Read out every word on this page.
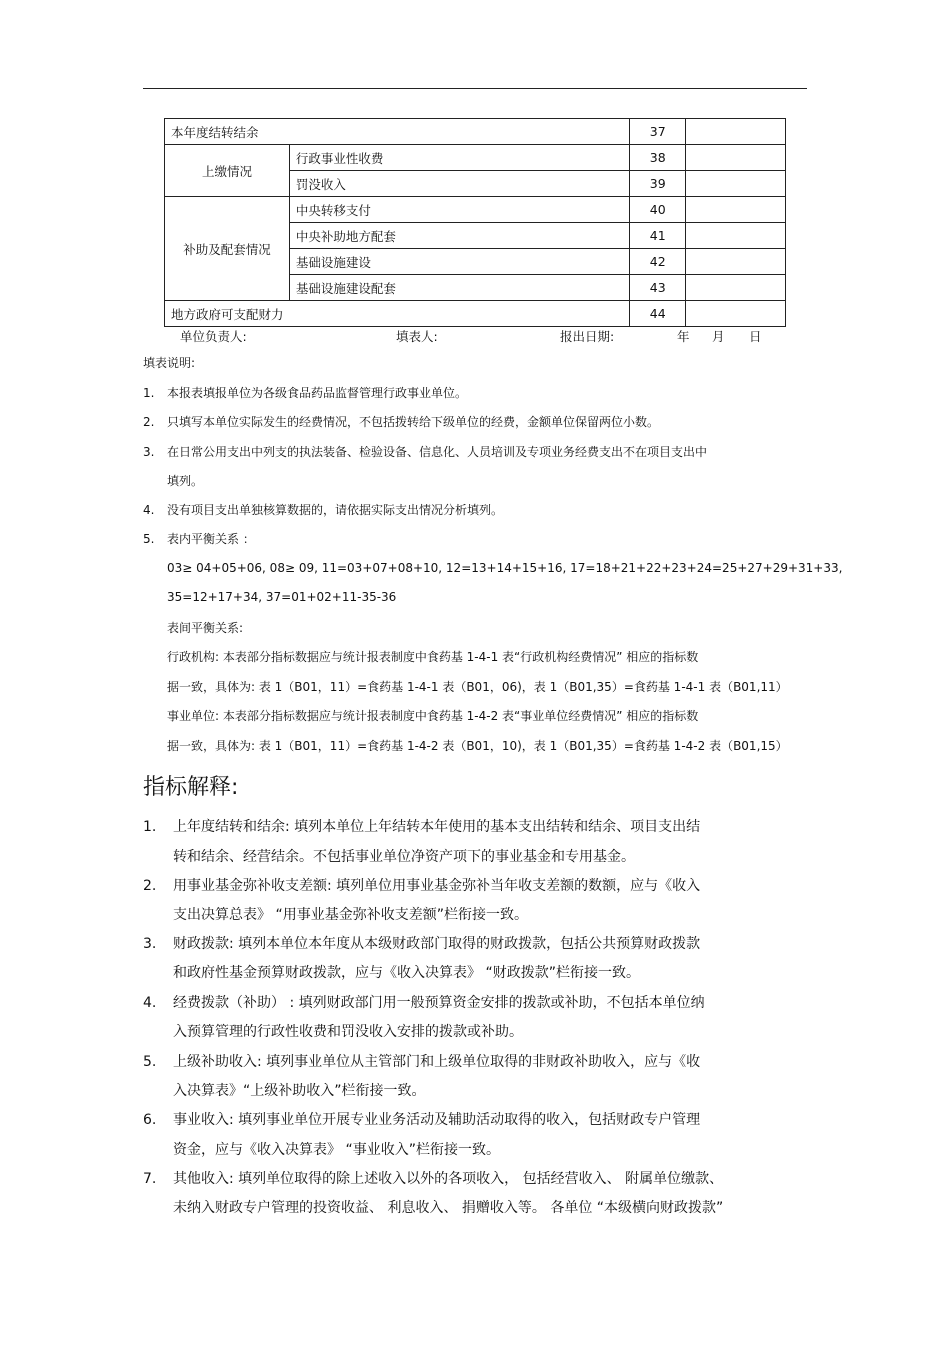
本年度结转结余		37	
上缴情况	行政事业性收费	38	
	罚没收入	39	
补助及配套情况	中央转移支付	40	
	中央补助地方配套	41	
	基础设施建设	42	
	基础设施建设配套	43	
地方政府可支配财力		44	
单位负责人:	填表人:	报出日期:	年 月 日
填表说明:
1. 本报表填报单位为各级食品药品监督管理行政事业单位。
2. 只填写本单位实际发生的经费情况，不包括拨转给下级单位的经费，金额单位保留两位小数。
3. 在日常公用支出中列支的执法装备、检验设备、信息化、人员培训及专项业务经费支出不在项目支出中
填列。
4. 没有项目支出单独核算数据的，请依据实际支出情况分析填列。
5. 表内平衡关系 ：
03≥ 04+05+06, 08≥ 09, 11=03+07+08+10, 12=13+14+15+16, 17=18+21+22+23+24=25+27+29+31+33,
35=12+17+34, 37=01+02+11-35-36
表间平衡关系:
行政机构: 本表部分指标数据应与统计报表制度中食药基 1-4-1 表“行政机构经费情况” 相应的指标数
据一致，具体为: 表 1（B01，11）=食药基 1-4-1 表（B01，06)，表 1（B01,35）=食药基 1-4-1 表（B01,11）
事业单位: 本表部分指标数据应与统计报表制度中食药基 1-4-2 表“事业单位经费情况” 相应的指标数
据一致，具体为: 表 1（B01，11）=食药基 1-4-2 表（B01，10)，表 1（B01,35）=食药基 1-4-2 表（B01,15）
指标解释:
1. 上年度结转和结余: 填列本单位上年结转本年使用的基本支出结转和结余、项目支出结
转和结余、经营结余。不包括事业单位净资产项下的事业基金和专用基金。
2. 用事业基金弥补收支差额: 填列单位用事业基金弥补当年收支差额的数额，应与《收入
支出决算总表》 “用事业基金弥补收支差额”栏衔接一致。
3. 财政拨款: 填列本单位本年度从本级财政部门取得的财政拨款，包括公共预算财政拨款
和政府性基金预算财政拨款，应与《收入决算表》 “财政拨款”栏衔接一致。
4. 经费拨款（补助） : 填列财政部门用一般预算资金安排的拨款或补助，不包括本单位纳
入预算管理的行政性收费和罚没收入安排的拨款或补助。
5. 上级补助收入: 填列事业单位从主管部门和上级单位取得的非财政补助收入，应与《收
入决算表》“上级补助收入”栏衔接一致。
6. 事业收入: 填列事业单位开展专业业务活动及辅助活动取得的收入，包括财政专户管理
资金，应与《收入决算表》 “事业收入”栏衔接一致。
7. 其他收入: 填列单位取得的除上述收入以外的各项收入， 包括经营收入、 附属单位缴款、
未纳入财政专户管理的投资收益、 利息收入、 捐赠收入等。 各单位 “本级横向财政拨款”
